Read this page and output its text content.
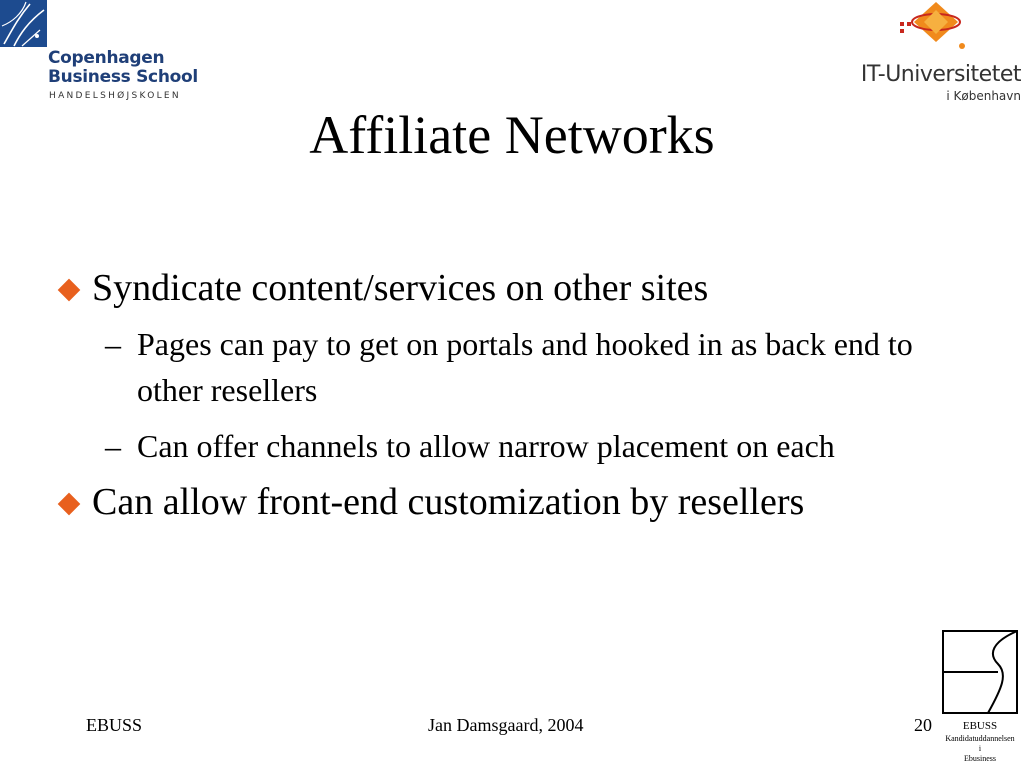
Copenhagen
Business School
HANDELSHØJSKOLEN
IT-Universitetet
i København
Affiliate Networks
Syndicate content/services on other sites
– Pages can pay to get on portals and hooked in as back end to other resellers
– Can offer channels to allow narrow placement on each
Can allow front-end customization by resellers
EBUSS	Jan Damsgaard, 2004	20	EBUSS
Kandidatuddannelsen
i
Ebusiness
